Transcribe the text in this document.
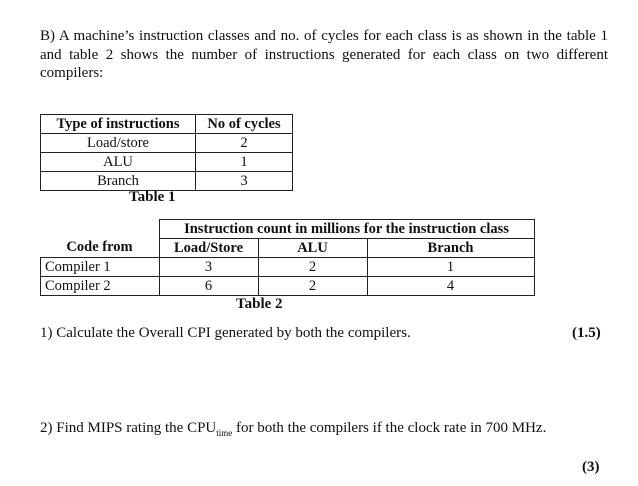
B) A machine’s instruction classes and no. of cycles for each class is as shown in the table 1 and table 2 shows the number of instructions generated for each class on two different compilers:
Type of instructions	No of cycles
Load/store	2
ALU	1
Branch	3
Table 1
	Instruction count in millions for the instruction class		
Code from	Load/Store	ALU	Branch
Compiler 1	3	2	1
Compiler 2	6	2	4
Table 2
1) Calculate the Overall CPI generated by both the compilers.	(1.5)
2) Find MIPS rating the $CPU_{time}$ for both the compilers if the clock rate in 700 MHz.
(3)
